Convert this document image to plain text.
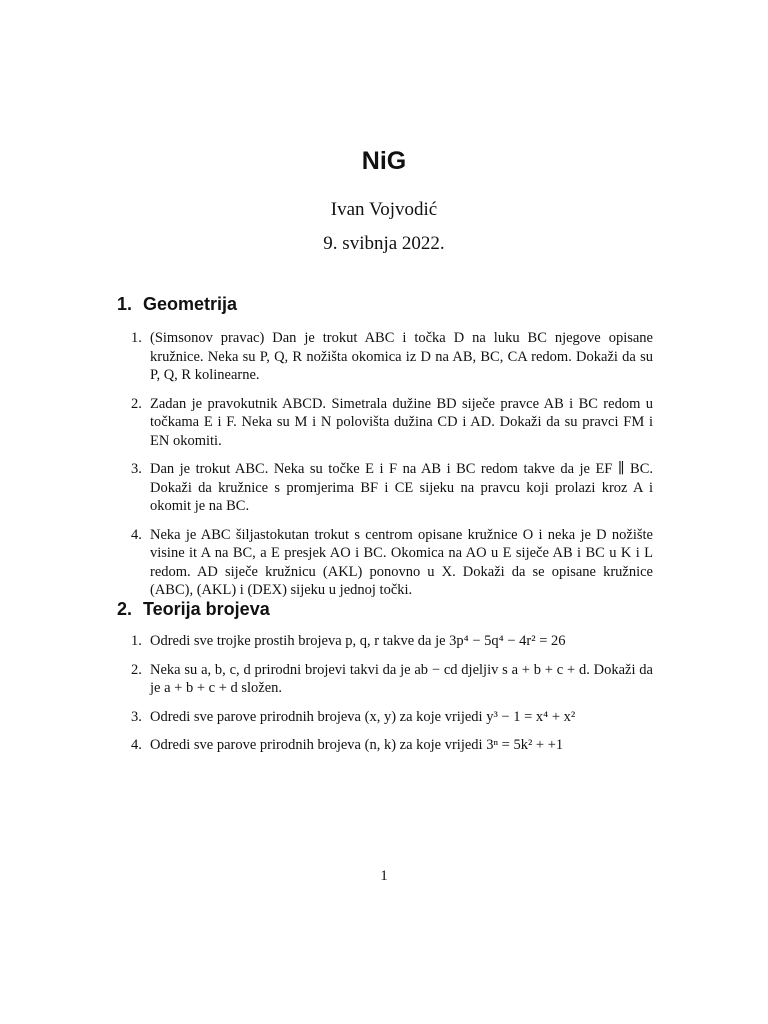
NiG
Ivan Vojvodić
9. svibnja 2022.
1. Geometrija
1. (Simsonov pravac) Dan je trokut ABC i točka D na luku BC njegove opisane kružnice. Neka su P, Q, R nožišta okomica iz D na AB, BC, CA redom. Dokaži da su P, Q, R kolinearne.
2. Zadan je pravokutnik ABCD. Simetrala dužine BD siječe pravce AB i BC redom u točkama E i F. Neka su M i N polovišta dužina CD i AD. Dokaži da su pravci FM i EN okomiti.
3. Dan je trokut ABC. Neka su točke E i F na AB i BC redom takve da je EF ∥ BC. Dokaži da kružnice s promjerima BF i CE sijeku na pravcu koji prolazi kroz A i okomit je na BC.
4. Neka je ABC šiljastokutan trokut s centrom opisane kružnice O i neka je D nožište visine it A na BC, a E presjek AO i BC. Okomica na AO u E siječe AB i BC u K i L redom. AD siječe kružnicu (AKL) ponovno u X. Dokaži da se opisane kružnice (ABC), (AKL) i (DEX) sijeku u jednoj točki.
2. Teorija brojeva
1. Odredi sve trojke prostih brojeva p, q, r takve da je 3p⁴ − 5q⁴ − 4r² = 26
2. Neka su a, b, c, d prirodni brojevi takvi da je ab − cd djeljiv s a + b + c + d. Dokaži da je a + b + c + d složen.
3. Odredi sve parove prirodnih brojeva (x, y) za koje vrijedi y³ − 1 = x⁴ + x²
4. Odredi sve parove prirodnih brojeva (n, k) za koje vrijedi 3ⁿ = 5k² + +1
1
